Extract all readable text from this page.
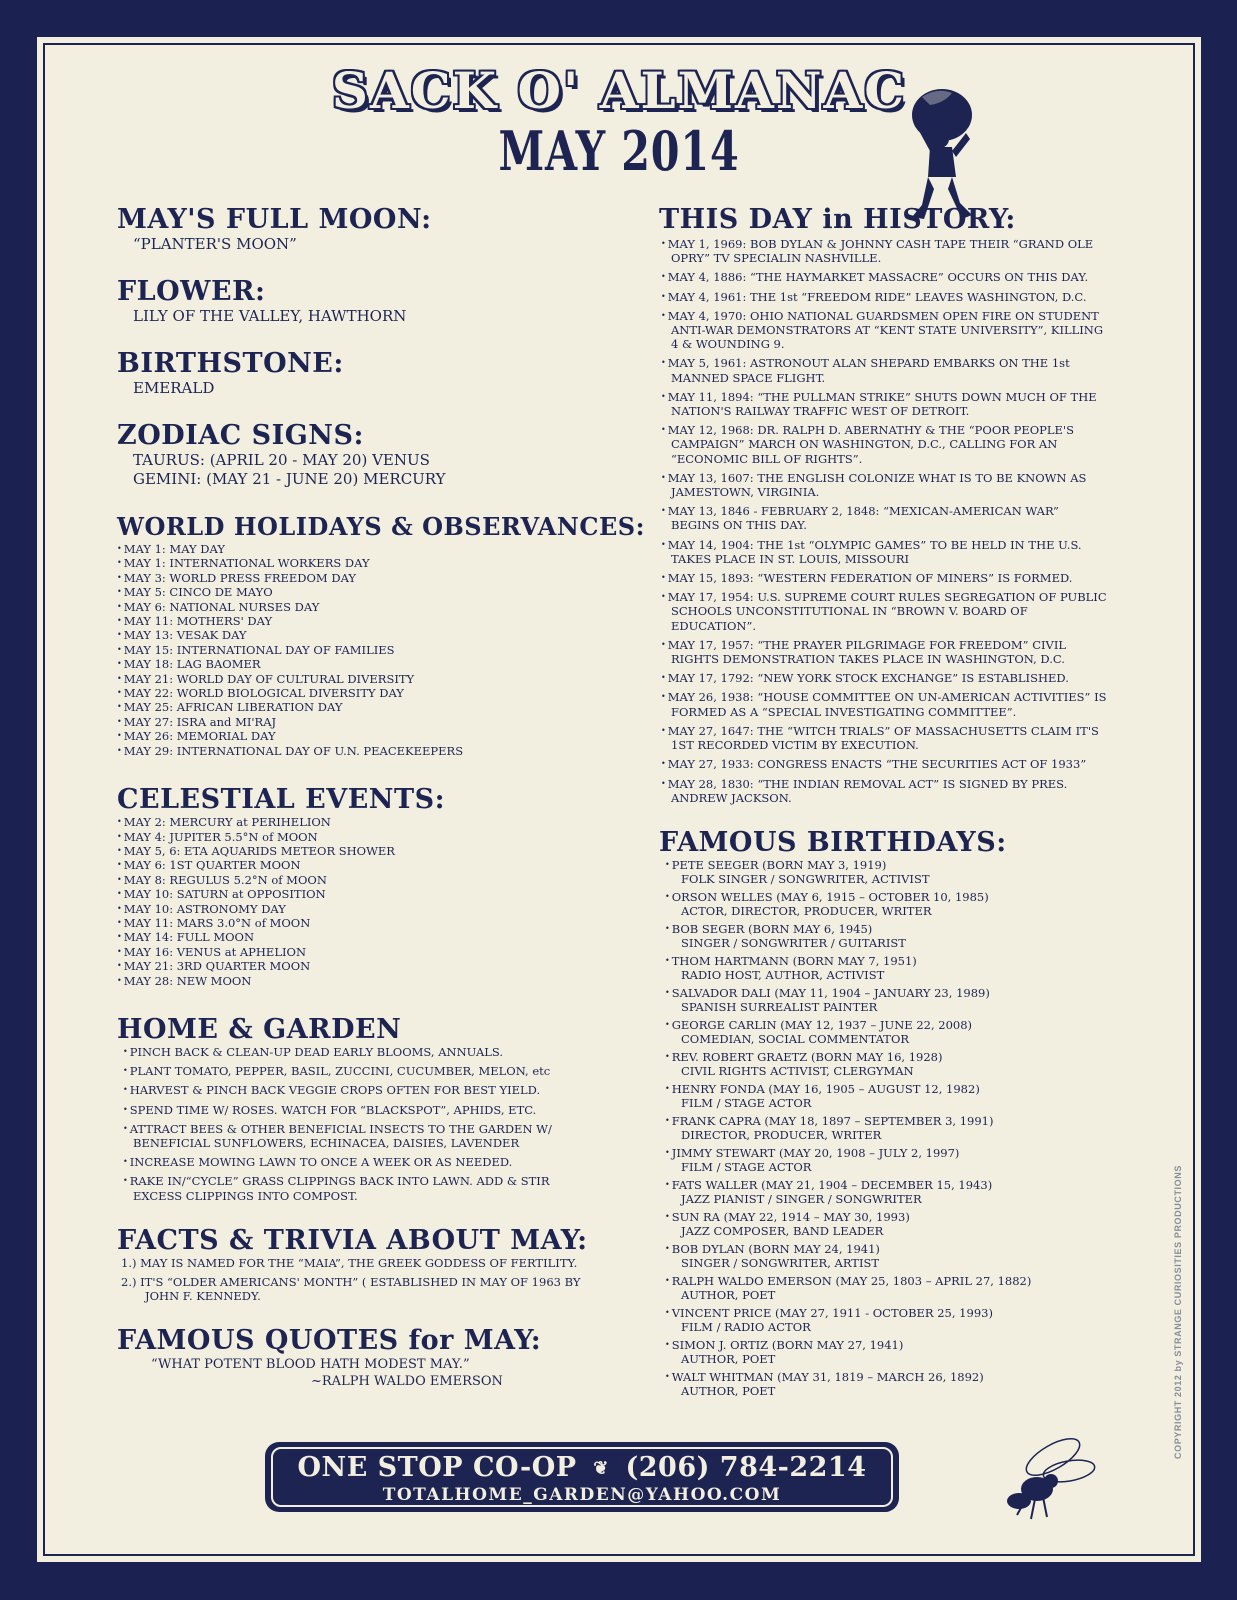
SACK O' ALMANAC
MAY 2014
MAY'S FULL MOON:
“PLANTER'S MOON”
FLOWER:
LILY OF THE VALLEY, HAWTHORN
BIRTHSTONE:
EMERALD
ZODIAC SIGNS:
TAURUS: (APRIL 20 - MAY 20) VENUS
GEMINI: (MAY 21 - JUNE 20) MERCURY
WORLD HOLIDAYS & OBSERVANCES:
• MAY 1: MAY DAY
• MAY 1: INTERNATIONAL WORKERS DAY
• MAY 3: WORLD PRESS FREEDOM DAY
• MAY 5: CINCO DE MAYO
• MAY 6: NATIONAL NURSES DAY
• MAY 11: MOTHERS' DAY
• MAY 13: VESAK DAY
• MAY 15: INTERNATIONAL DAY OF FAMILIES
• MAY 18: LAG BAOMER
• MAY 21: WORLD DAY OF CULTURAL DIVERSITY
• MAY 22: WORLD BIOLOGICAL DIVERSITY DAY
• MAY 25: AFRICAN LIBERATION DAY
• MAY 27: ISRA and MI'RAJ
• MAY 26: MEMORIAL DAY
• MAY 29: INTERNATIONAL DAY OF U.N. PEACEKEEPERS
CELESTIAL EVENTS:
• MAY 2: MERCURY at PERIHELION
• MAY 4: JUPITER 5.5°N of MOON
• MAY 5, 6: ETA AQUARIDS METEOR SHOWER
• MAY 6: 1ST QUARTER MOON
• MAY 8: REGULUS 5.2°N of MOON
• MAY 10: SATURN at OPPOSITION
• MAY 10: ASTRONOMY DAY
• MAY 11: MARS 3.0°N of MOON
• MAY 14: FULL MOON
• MAY 16: VENUS at APHELION
• MAY 21: 3RD QUARTER MOON
• MAY 28: NEW MOON
HOME & GARDEN
• PINCH BACK & CLEAN-UP DEAD EARLY BLOOMS, ANNUALS.
• PLANT TOMATO, PEPPER, BASIL, ZUCCINI, CUCUMBER, MELON, etc
• HARVEST & PINCH BACK VEGGIE CROPS OFTEN FOR BEST YIELD.
• SPEND TIME W/ ROSES. WATCH FOR “BLACKSPOT”, APHIDS, ETC.
• ATTRACT BEES & OTHER BENEFICIAL INSECTS TO THE GARDEN W/ BENEFICIAL SUNFLOWERS, ECHINACEA, DAISIES, LAVENDER
• INCREASE MOWING LAWN TO ONCE A WEEK OR AS NEEDED.
• RAKE IN/“CYCLE” GRASS CLIPPINGS BACK INTO LAWN. ADD & STIR EXCESS CLIPPINGS INTO COMPOST.
FACTS & TRIVIA ABOUT MAY:
1.) MAY IS NAMED FOR THE “MAIA”, THE GREEK GODDESS OF FERTILITY.
2.) IT'S “OLDER AMERICANS' MONTH” ( ESTABLISHED IN MAY OF 1963 BY JOHN F. KENNEDY.
FAMOUS QUOTES for MAY:
“WHAT POTENT BLOOD HATH MODEST MAY.”
~RALPH WALDO EMERSON
THIS DAY in HISTORY:
• MAY 1, 1969: BOB DYLAN & JOHNNY CASH TAPE THEIR “GRAND OLE OPRY” TV SPECIALIN NASHVILLE.
• MAY 4, 1886: “THE HAYMARKET MASSACRE” OCCURS ON THIS DAY.
• MAY 4, 1961: THE 1st “FREEDOM RIDE” LEAVES WASHINGTON, D.C.
• MAY 4, 1970: OHIO NATIONAL GUARDSMEN OPEN FIRE ON STUDENT ANTI-WAR DEMONSTRATORS AT “KENT STATE UNIVERSITY”, KILLING 4 & WOUNDING 9.
• MAY 5, 1961: ASTRONOUT ALAN SHEPARD EMBARKS ON THE 1st MANNED SPACE FLIGHT.
• MAY 11, 1894: “THE PULLMAN STRIKE” SHUTS DOWN MUCH OF THE NATION'S RAILWAY TRAFFIC WEST OF DETROIT.
• MAY 12, 1968: DR. RALPH D. ABERNATHY & THE “POOR PEOPLE'S CAMPAIGN” MARCH ON WASHINGTON, D.C., CALLING FOR AN “ECONOMIC BILL OF RIGHTS”.
• MAY 13, 1607: THE ENGLISH COLONIZE WHAT IS TO BE KNOWN AS JAMESTOWN, VIRGINIA.
• MAY 13, 1846 - FEBRUARY 2, 1848: “MEXICAN-AMERICAN WAR” BEGINS ON THIS DAY.
• MAY 14, 1904: THE 1st “OLYMPIC GAMES” TO BE HELD IN THE U.S. TAKES PLACE IN ST. LOUIS, MISSOURI
• MAY 15, 1893: “WESTERN FEDERATION OF MINERS” IS FORMED.
• MAY 17, 1954: U.S. SUPREME COURT RULES SEGREGATION OF PUBLIC SCHOOLS UNCONSTITUTIONAL IN “BROWN V. BOARD OF EDUCATION”.
• MAY 17, 1957: “THE PRAYER PILGRIMAGE FOR FREEDOM” CIVIL RIGHTS DEMONSTRATION TAKES PLACE IN WASHINGTON, D.C.
• MAY 17, 1792: “NEW YORK STOCK EXCHANGE” IS ESTABLISHED.
• MAY 26, 1938: “HOUSE COMMITTEE ON UN-AMERICAN ACTIVITIES” IS FORMED AS A “SPECIAL INVESTIGATING COMMITTEE”.
• MAY 27, 1647: THE “WITCH TRIALS” OF MASSACHUSETTS CLAIM IT'S 1ST RECORDED VICTIM BY EXECUTION.
• MAY 27, 1933: CONGRESS ENACTS “THE SECURITIES ACT OF 1933”
• MAY 28, 1830: “THE INDIAN REMOVAL ACT” IS SIGNED BY PRES. ANDREW JACKSON.
FAMOUS BIRTHDAYS:
• PETE SEEGER (BORN MAY 3, 1919)
FOLK SINGER / SONGWRITER, ACTIVIST
• ORSON WELLES (MAY 6, 1915 – OCTOBER 10, 1985)
ACTOR, DIRECTOR, PRODUCER, WRITER
• BOB SEGER (BORN MAY 6, 1945)
SINGER / SONGWRITER / GUITARIST
• THOM HARTMANN (BORN MAY 7, 1951)
RADIO HOST, AUTHOR, ACTIVIST
• SALVADOR DALI (MAY 11, 1904 – JANUARY 23, 1989)
SPANISH SURREALIST PAINTER
• GEORGE CARLIN (MAY 12, 1937 – JUNE 22, 2008)
COMEDIAN, SOCIAL COMMENTATOR
• REV. ROBERT GRAETZ (BORN MAY 16, 1928)
CIVIL RIGHTS ACTIVIST, CLERGYMAN
• HENRY FONDA (MAY 16, 1905 – AUGUST 12, 1982)
FILM / STAGE ACTOR
• FRANK CAPRA (MAY 18, 1897 – SEPTEMBER 3, 1991)
DIRECTOR, PRODUCER, WRITER
• JIMMY STEWART (MAY 20, 1908 – JULY 2, 1997)
FILM / STAGE ACTOR
• FATS WALLER (MAY 21, 1904 – DECEMBER 15, 1943)
JAZZ PIANIST / SINGER / SONGWRITER
• SUN RA (MAY 22, 1914 – MAY 30, 1993)
JAZZ COMPOSER, BAND LEADER
• BOB DYLAN (BORN MAY 24, 1941)
SINGER / SONGWRITER, ARTIST
• RALPH WALDO EMERSON (MAY 25, 1803 – APRIL 27, 1882)
AUTHOR, POET
• VINCENT PRICE (MAY 27, 1911 - OCTOBER 25, 1993)
FILM / RADIO ACTOR
• SIMON J. ORTIZ (BORN MAY 27, 1941)
AUTHOR, POET
• WALT WHITMAN (MAY 31, 1819 – MARCH 26, 1892)
AUTHOR, POET	COPYRIGHT 2012 by STRANGE CURIOSITIES PRODUCTIONS
ONE STOP CO-OP  ❦  (206) 784-2214
TOTALHOME_GARDEN@YAHOO.COM
